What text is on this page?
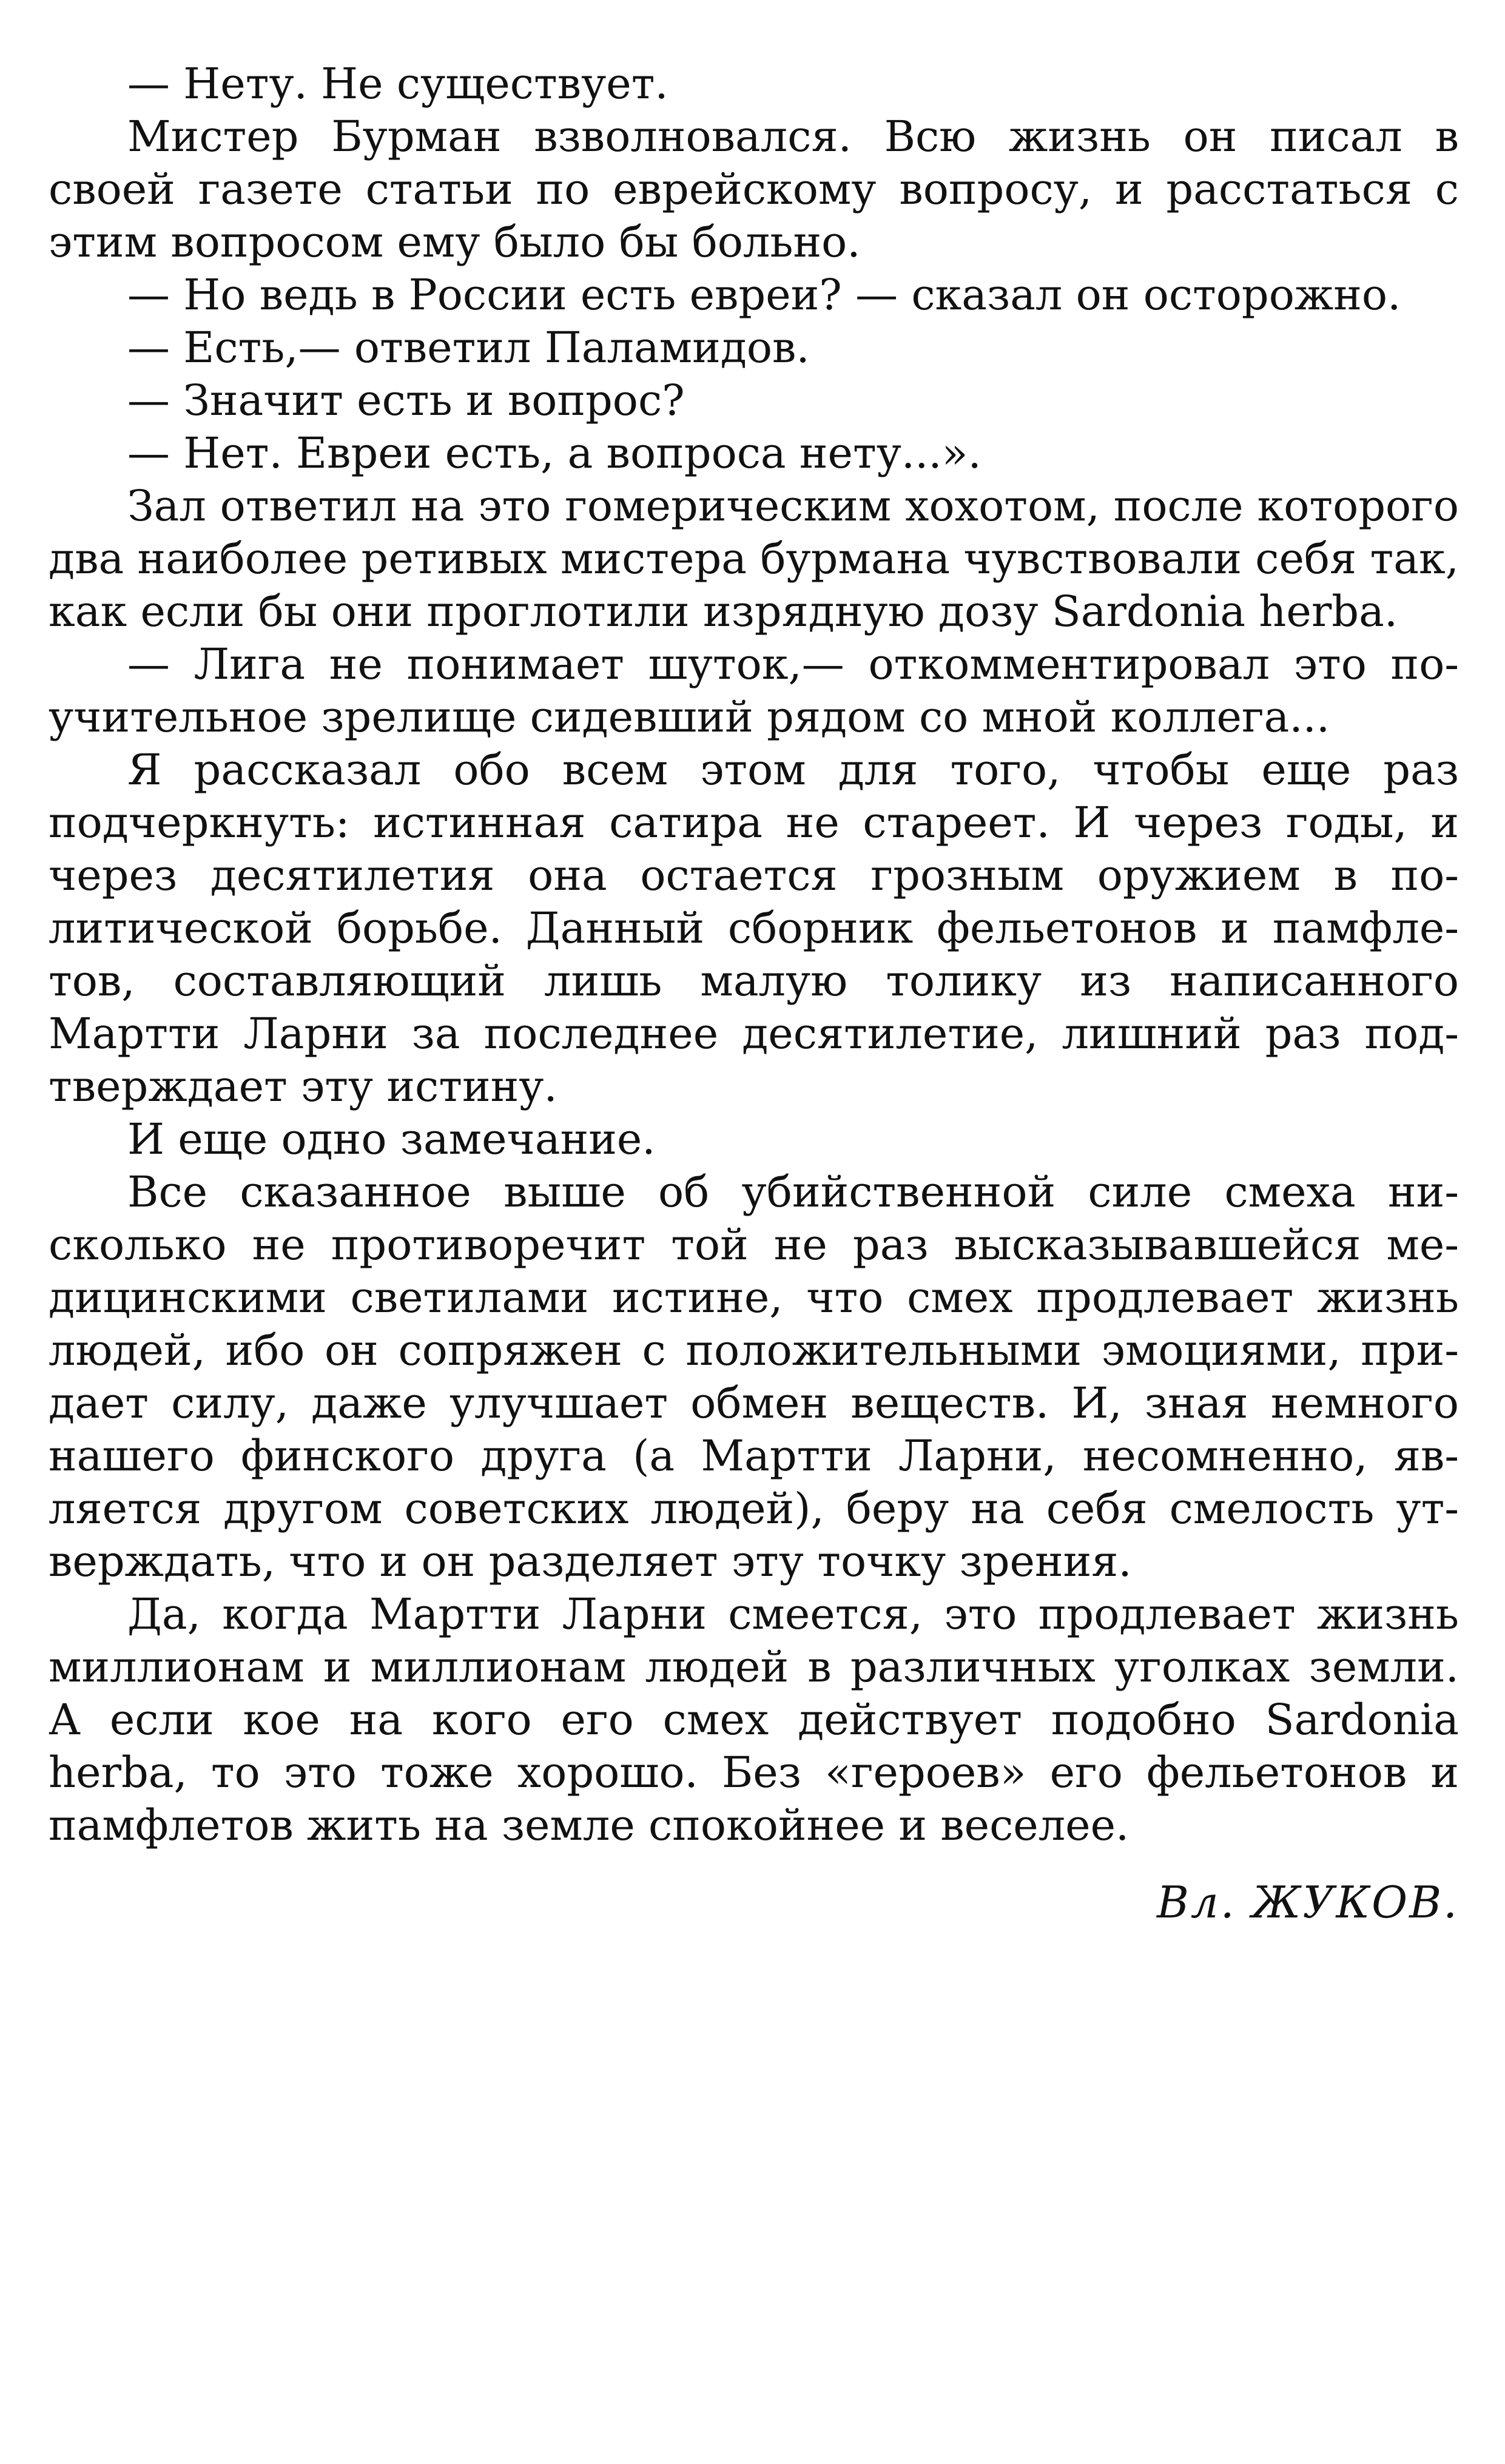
— Нету. Не существует.

Мистер Бурман взволновался. Всю жизнь он писал в своей газете статьи по еврейскому вопросу, и расстаться с этим вопросом ему было бы больно.

— Но ведь в России есть евреи? — сказал он осторожно.

— Есть,— ответил Паламидов.

— Значит есть и вопрос?

— Нет. Евреи есть, а вопроса нету...».

Зал ответил на это гомерическим хохотом, после которого два наиболее ретивых мистера бурмана чувствовали себя так, как если бы они проглотили изрядную дозу Sardonia herba.

— Лига не понимает шуток,— откомментировал это поучительное зрелище сидевший рядом со мной коллега...

Я рассказал обо всем этом для того, чтобы еще раз подчеркнуть: истинная сатира не стареет. И через годы, и через десятилетия она остается грозным оружием в политической борьбе. Данный сборник фельетонов и памфлетов, составляющий лишь малую толику из написанного Мартти Ларни за последнее десятилетие, лишний раз подтверждает эту истину.

И еще одно замечание.

Все сказанное выше об убийственной силе смеха нисколько не противоречит той не раз высказывавшейся медицинскими светилами истине, что смех продлевает жизнь людей, ибо он сопряжен с положительными эмоциями, придает силу, даже улучшает обмен веществ. И, зная немного нашего финского друга (а Мартти Ларни, несомненно, является другом советских людей), беру на себя смелость утверждать, что и он разделяет эту точку зрения.

Да, когда Мартти Ларни смеется, это продлевает жизнь миллионам и миллионам людей в различных уголках земли. А если кое на кого его смех действует подобно Sardonia herba, то это тоже хорошо. Без «героев» его фельетонов и памфлетов жить на земле спокойнее и веселее.

Вл. ЖУКОВ.
